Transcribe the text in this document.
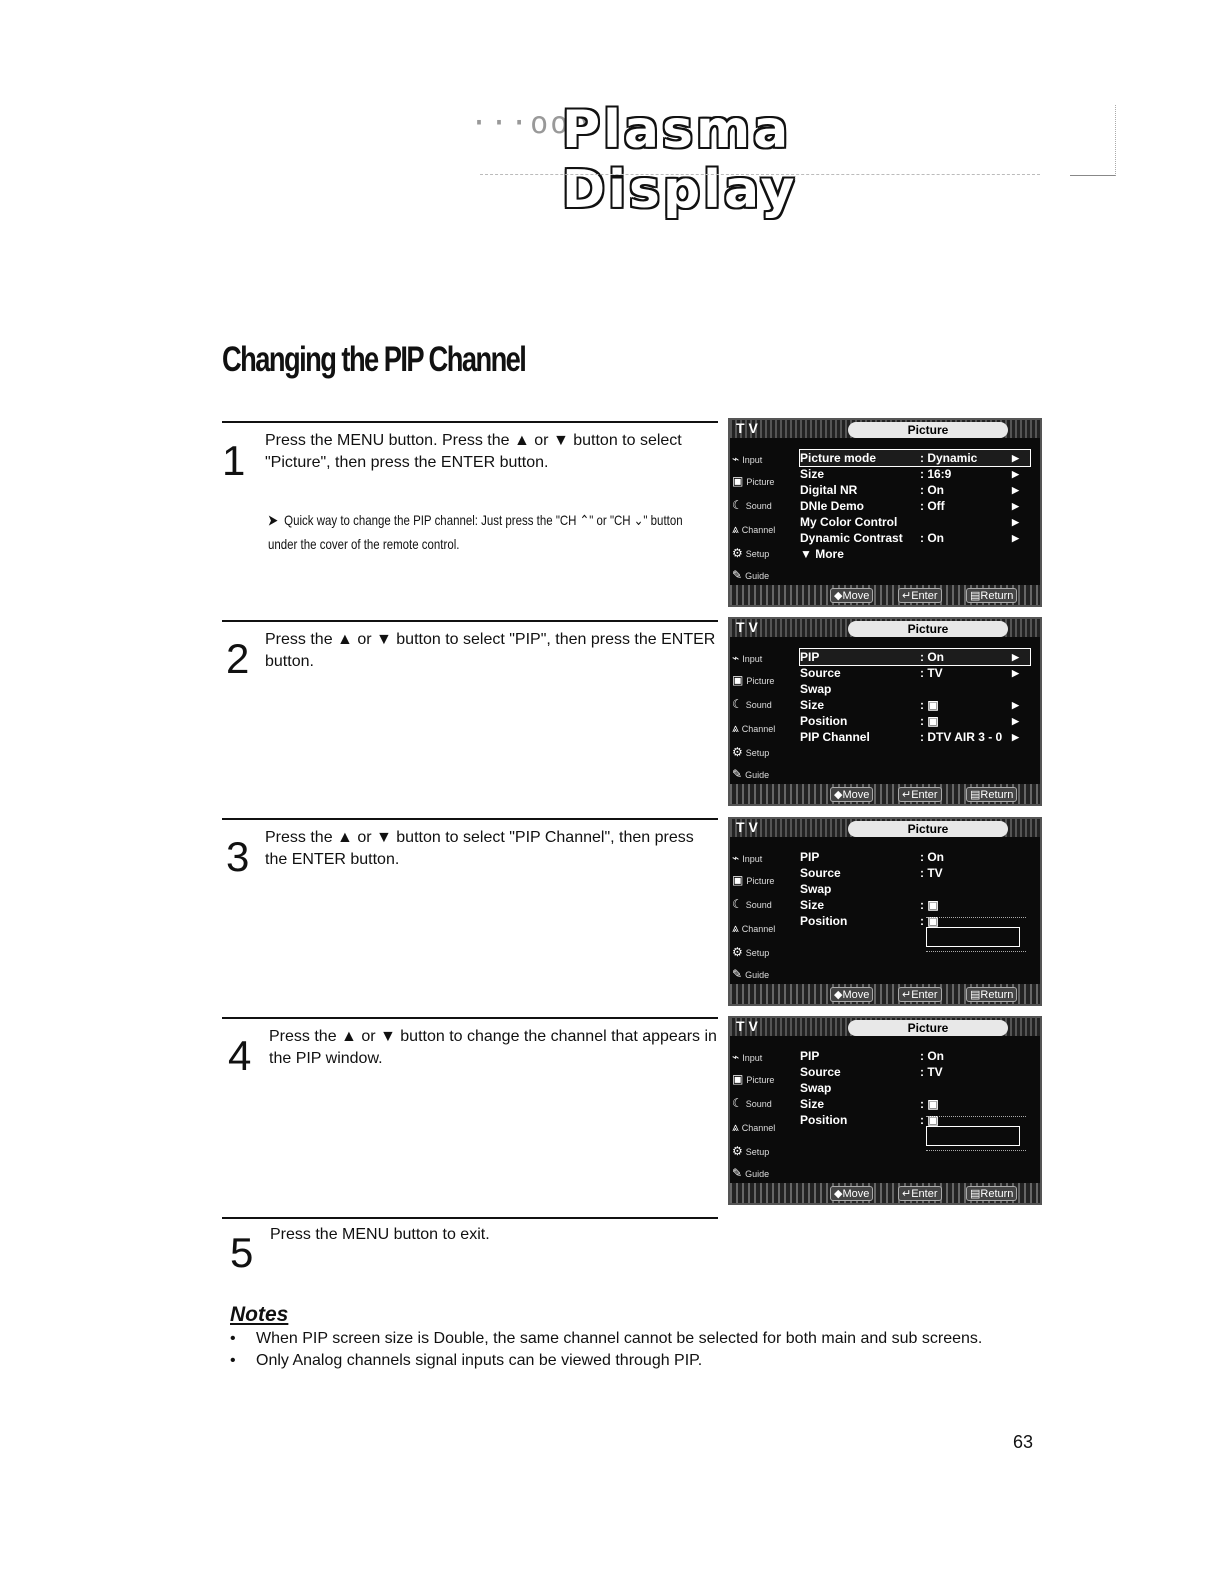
···ooo
Plasma Display
Changing the PIP Channel
1 Press the MENU button. Press the ▲ or ▼ button to select "Picture", then press the ENTER button.
➤ Quick way to change the PIP channel: Just press the "CH ⌃" or "CH ⌄" button under the cover of the remote control.
T V	Picture
⌁ Input
▣ Picture
☾ Sound
⩓ Channel
⚙ Setup
✎ Guide
Picture mode	: Dynamic	▶
Size	: 16:9	▶
Digital NR	: On	▶
DNIe Demo	: Off	▶
My Color Control	▶
Dynamic Contrast : On	▶
▼ More
◆Move	↵Enter	▤Return
2 Press the ▲ or ▼ button to select "PIP", then press the ENTER button.
T V	Picture
⌁ Input
▣ Picture
☾ Sound
⩓ Channel
⚙ Setup
✎ Guide
PIP	: On	▶
Source	: TV	▶
Swap
Size	: ▣	▶
Position	: ▣	▶
PIP Channel	: DTV AIR 3 - 0 ▶
◆Move	↵Enter	▤Return
3 Press the ▲ or ▼ button to select "PIP Channel", then press the ENTER button.
T V	Picture
⌁ Input
▣ Picture
☾ Sound
⩓ Channel
⚙ Setup
✎ Guide
PIP	: On
Source	: TV
Swap
Size	: ▣
Position	: ▣
◆Move	↵Enter	▤Return
4 Press the ▲ or ▼ button to change the channel that appears in the PIP window.
T V	Picture
⌁ Input
▣ Picture
☾ Sound
⩓ Channel
⚙ Setup
✎ Guide
PIP	: On
Source	: TV
Swap
Size	: ▣
Position	: ▣
◆Move	↵Enter	▤Return
5 Press the MENU button to exit.
Notes
• When PIP screen size is Double, the same channel cannot be selected for both main and sub screens.
• Only Analog channels signal inputs can be viewed through PIP.
63
